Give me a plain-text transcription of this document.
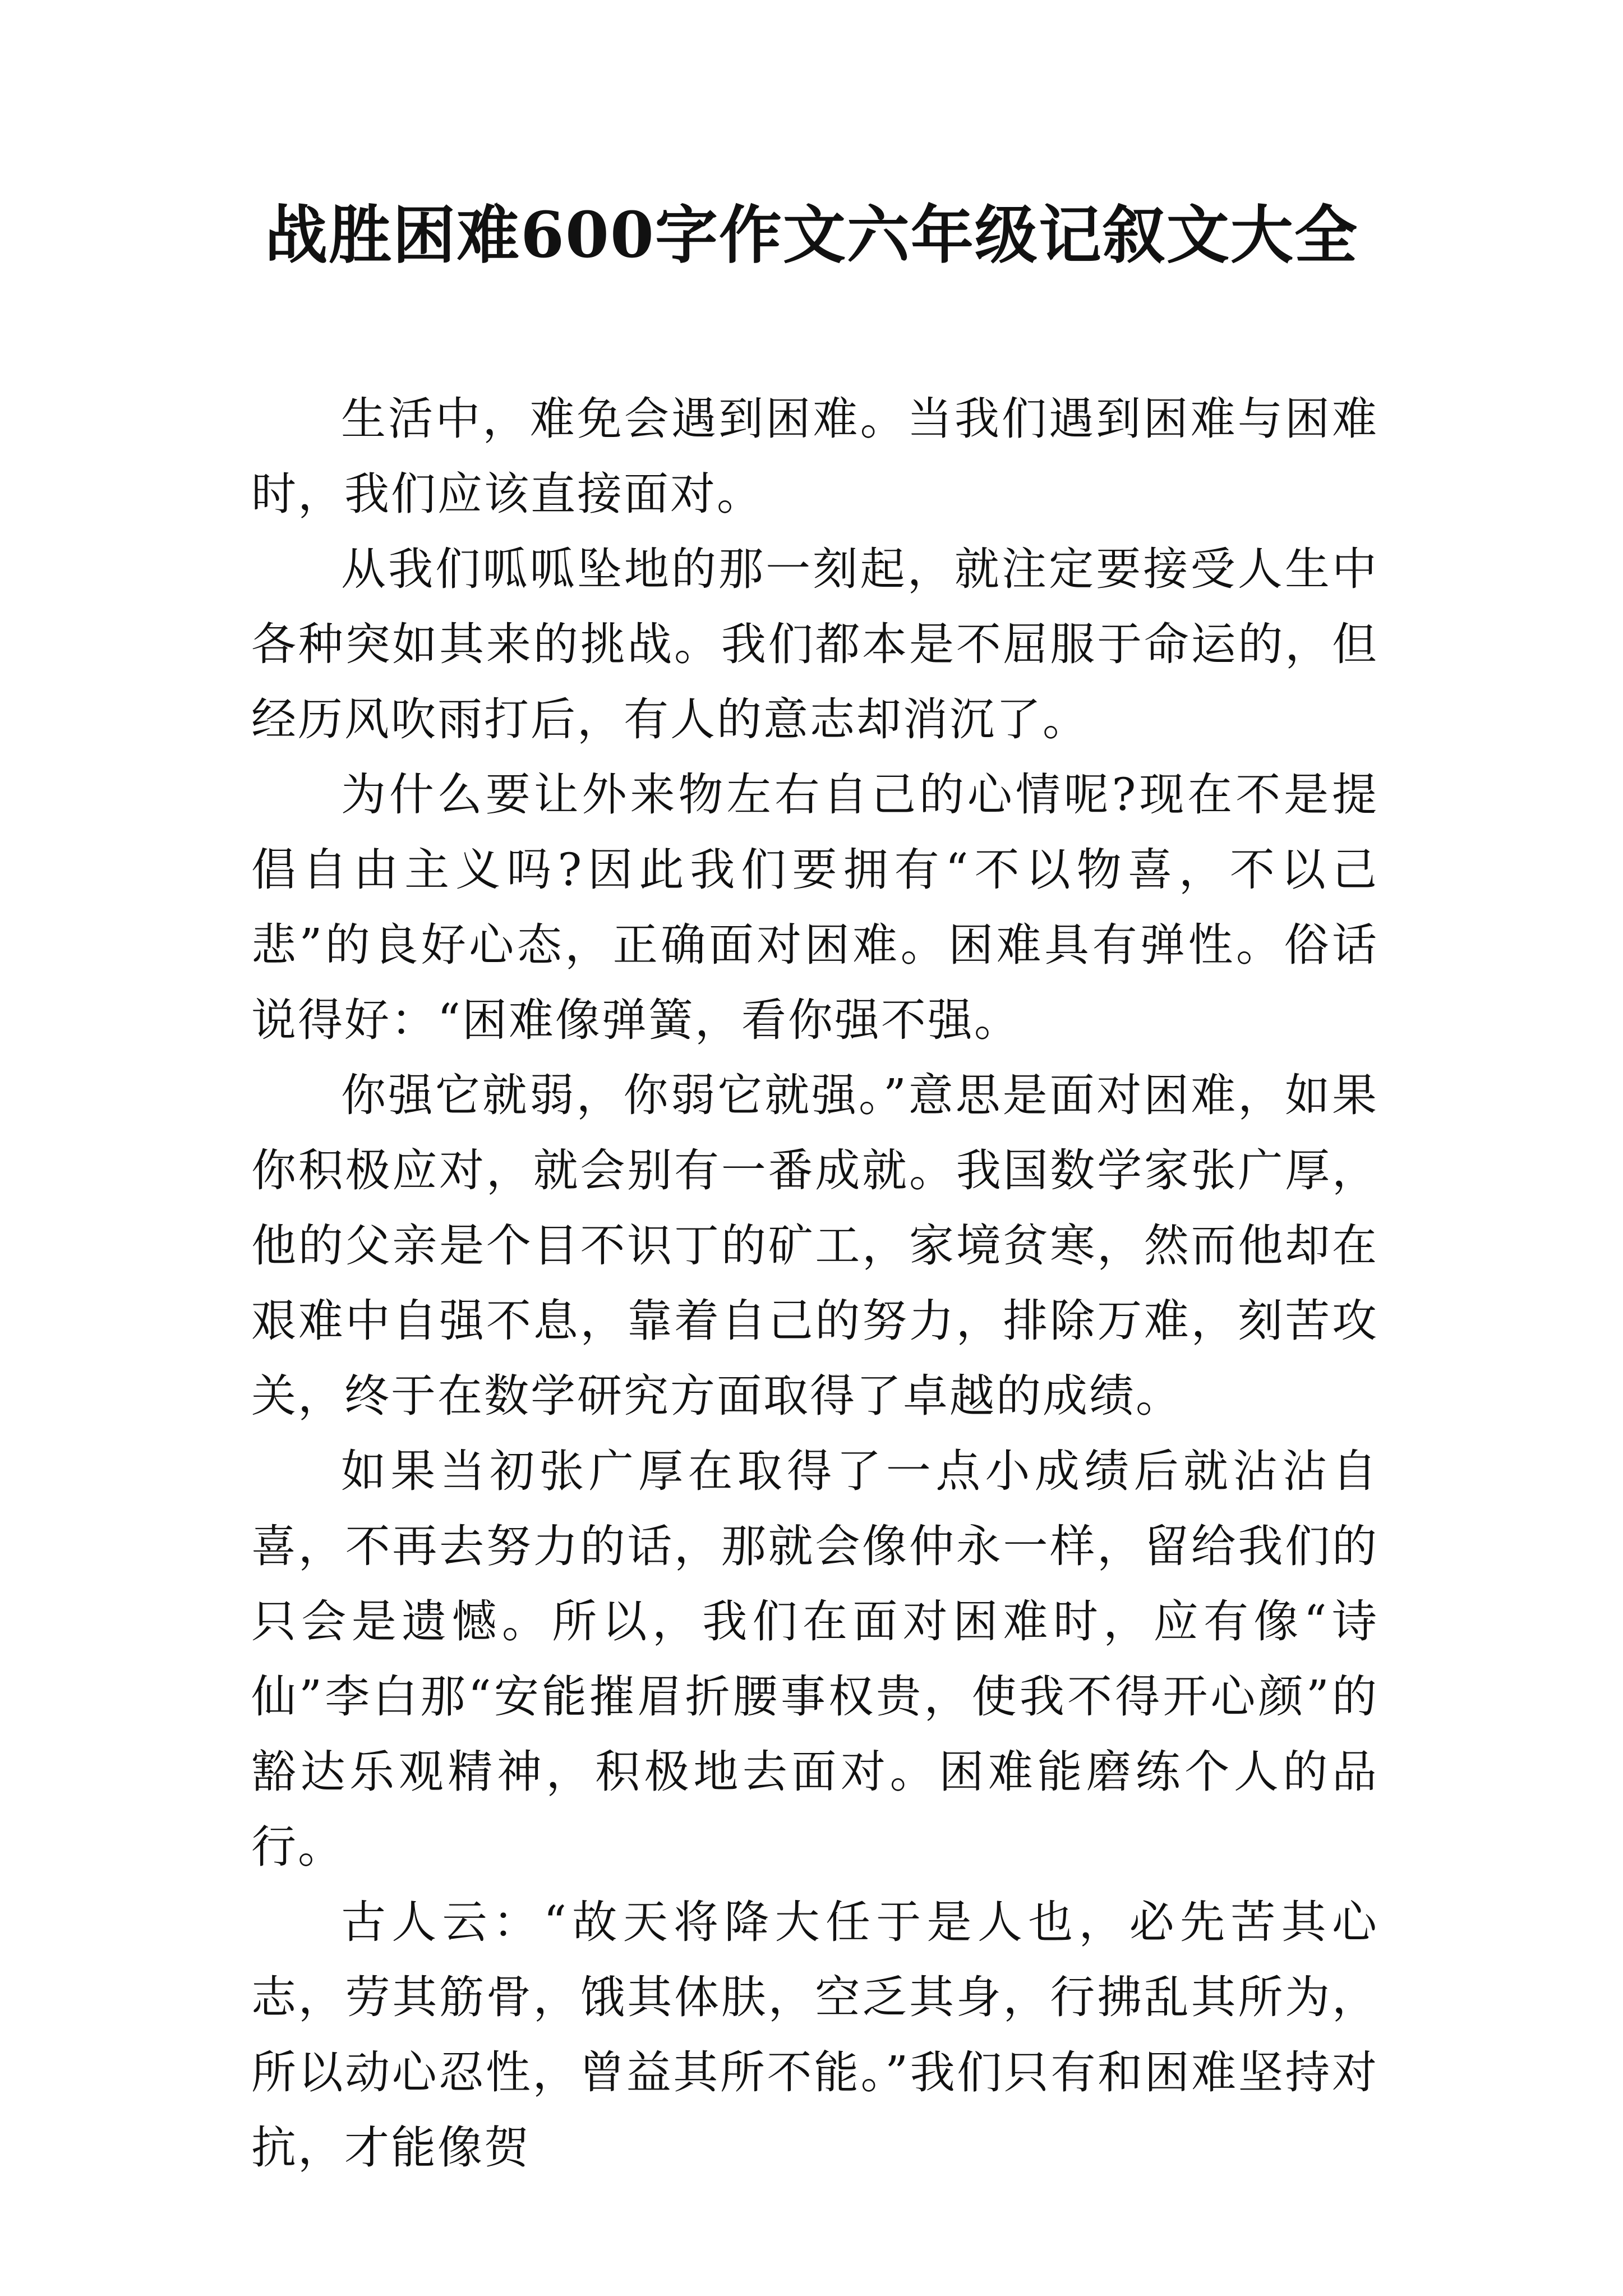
战胜困难600字作文六年级记叙文大全

生活中，难免会遇到困难。当我们遇到困难与困难时，我们应该直接面对。

从我们呱呱坠地的那一刻起，就注定要接受人生中各种突如其来的挑战。我们都本是不屈服于命运的，但经历风吹雨打后，有人的意志却消沉了。

为什么要让外来物左右自己的心情呢?现在不是提倡自由主义吗?因此我们要拥有“不以物喜，不以己悲”的良好心态，正确面对困难。困难具有弹性。俗话说得好：“困难像弹簧，看你强不强。

你强它就弱，你弱它就强。”意思是面对困难，如果你积极应对，就会别有一番成就。我国数学家张广厚，他的父亲是个目不识丁的矿工，家境贫寒，然而他却在艰难中自强不息，靠着自己的努力，排除万难，刻苦攻关，终于在数学研究方面取得了卓越的成绩。

如果当初张广厚在取得了一点小成绩后就沾沾自喜，不再去努力的话，那就会像仲永一样，留给我们的只会是遗憾。所以，我们在面对困难时，应有像“诗仙”李白那“安能摧眉折腰事权贵，使我不得开心颜”的豁达乐观精神，积极地去面对。困难能磨练个人的品行。

古人云：“故天将降大任于是人也，必先苦其心志，劳其筋骨，饿其体肤，空乏其身，行拂乱其所为，所以动心忍性，曾益其所不能。”我们只有和困难坚持对抗，才能像贺
